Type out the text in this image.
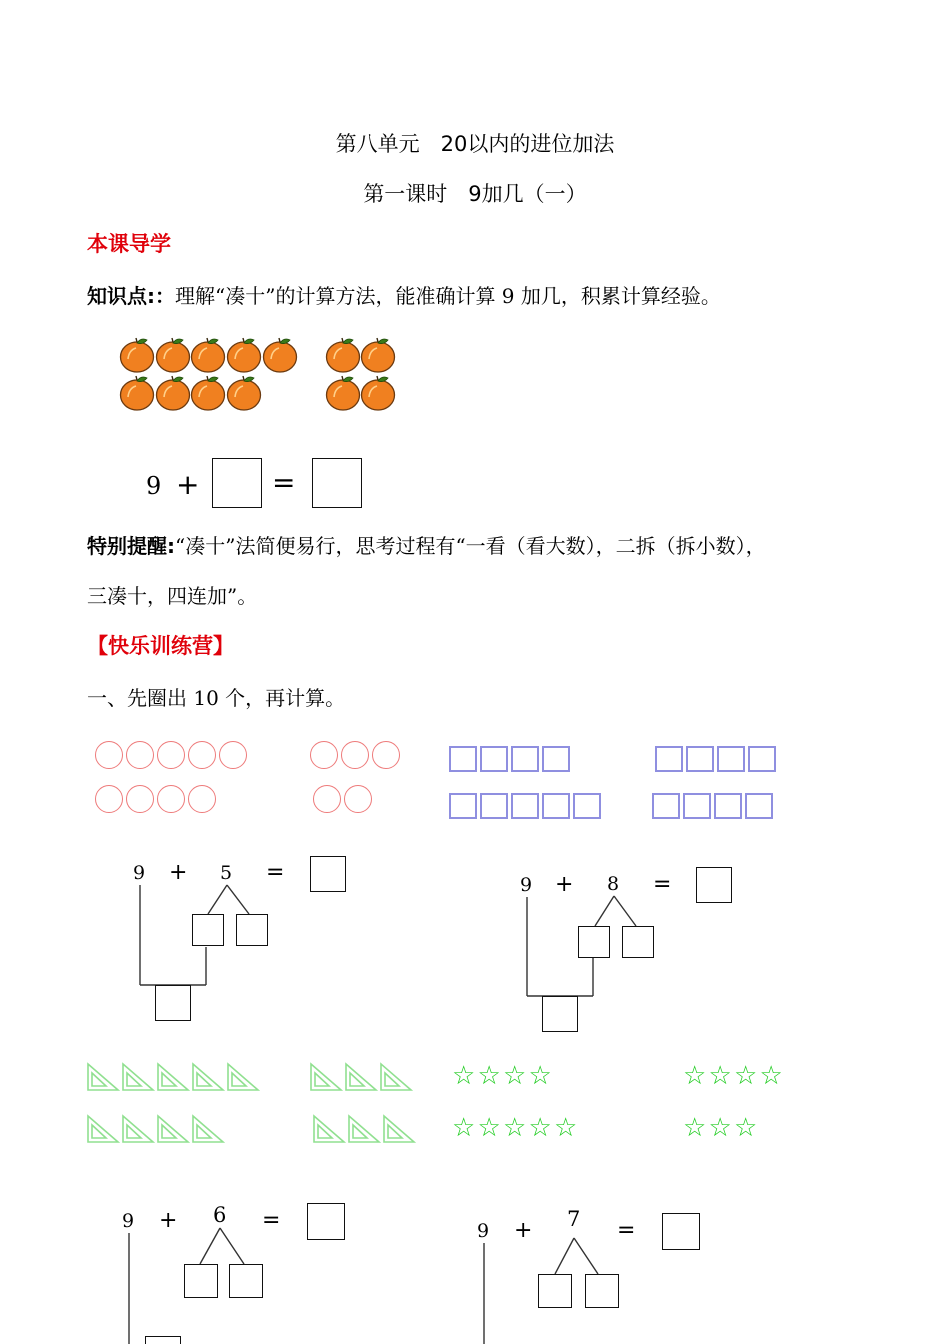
第八单元　20以内的进位加法
第一课时　9加几（一）
本课导学
知识点:：理解“凑十”的计算方法，能准确计算 9 加几，积累计算经验。
9 +	=
特别提醒:“凑十”法简便易行，思考过程有“一看（看大数），二拆（拆小数），
三凑十，四连加”。
【快乐训练营】
一、先圈出 10 个，再计算。
☆ ☆ ☆ ☆
☆ ☆ ☆ ☆ ☆
☆ ☆ ☆ ☆
☆ ☆ ☆
9 + 5 =	9 + 8 =
9 + 6 =	9 + 7 =
